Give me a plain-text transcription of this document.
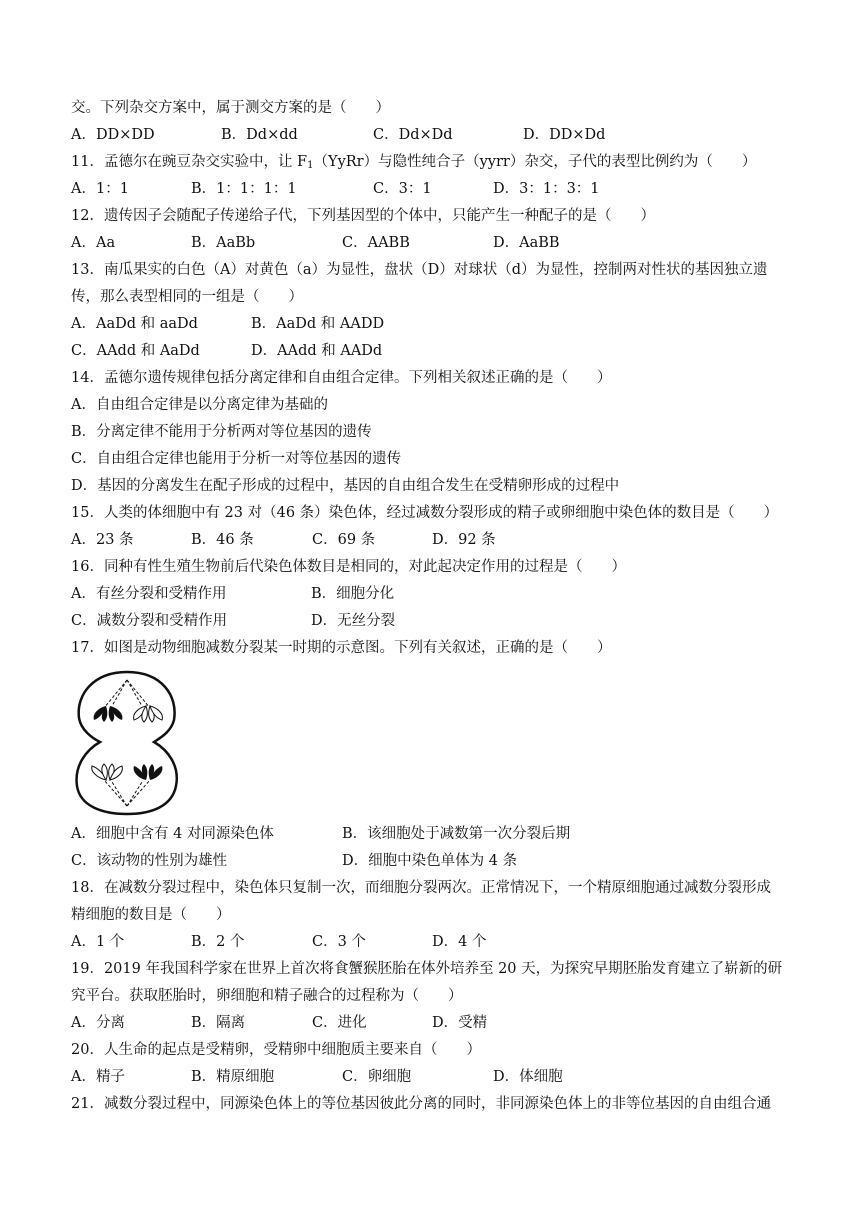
交。下列杂交方案中，属于测交方案的是（　　）
A．DD×DD	B．Dd×dd	C．Dd×Dd	D．DD×Dd
11．孟德尔在豌豆杂交实验中，让 $F_1(YyRr)$与隐性纯合子（yyrr）杂交，子代的表型比例约为（　　）
A．1：1	B．1：1：1：1	C．3：1	D．3：1：3：1
12．遗传因子会随配子传递给子代，下列基因型的个体中，只能产生一种配子的是（　　）
A．Aa	B．AaBb	C．AABB	D．AaBB
13．南瓜果实的白色（A）对黄色（a）为显性，盘状（D）对球状（d）为显性，控制两对性状的基因独立遗
传，那么表型相同的一组是（　　）
A．AaDd 和 aaDd	B．AaDd 和 AADD
C．AAdd 和 AaDd	D．AAdd 和 AADd
14．孟德尔遗传规律包括分离定律和自由组合定律。下列相关叙述正确的是（　　）
A．自由组合定律是以分离定律为基础的
B．分离定律不能用于分析两对等位基因的遗传
C．自由组合定律也能用于分析一对等位基因的遗传
D．基因的分离发生在配子形成的过程中，基因的自由组合发生在受精卵形成的过程中
15．人类的体细胞中有 23 对（46 条）染色体，经过减数分裂形成的精子或卵细胞中染色体的数目是（　　）
A．23 条	B．46 条	C．69 条	D．92 条
16．同种有性生殖生物前后代染色体数目是相同的，对此起决定作用的过程是（　　）
A．有丝分裂和受精作用	B．细胞分化
C．减数分裂和受精作用	D．无丝分裂
17．如图是动物细胞减数分裂某一时期的示意图。下列有关叙述，正确的是（　　）
A．细胞中含有 4 对同源染色体	B．该细胞处于减数第一次分裂后期
C．该动物的性别为雄性	D．细胞中染色单体为 4 条
18．在减数分裂过程中，染色体只复制一次，而细胞分裂两次。正常情况下，一个精原细胞通过减数分裂形成
精细胞的数目是（　　）
A．1 个	B．2 个	C．3 个	D．4 个
19．2019 年我国科学家在世界上首次将食蟹猴胚胎在体外培养至 20 天，为探究早期胚胎发育建立了崭新的研
究平台。获取胚胎时，卵细胞和精子融合的过程称为（　　）
A．分离	B．隔离	C．进化	D．受精
20．人生命的起点是受精卵，受精卵中细胞质主要来自（　　）
A．精子	B．精原细胞	C．卵细胞	D．体细胞
21．减数分裂过程中，同源染色体上的等位基因彼此分离的同时，非同源染色体上的非等位基因的自由组合通
